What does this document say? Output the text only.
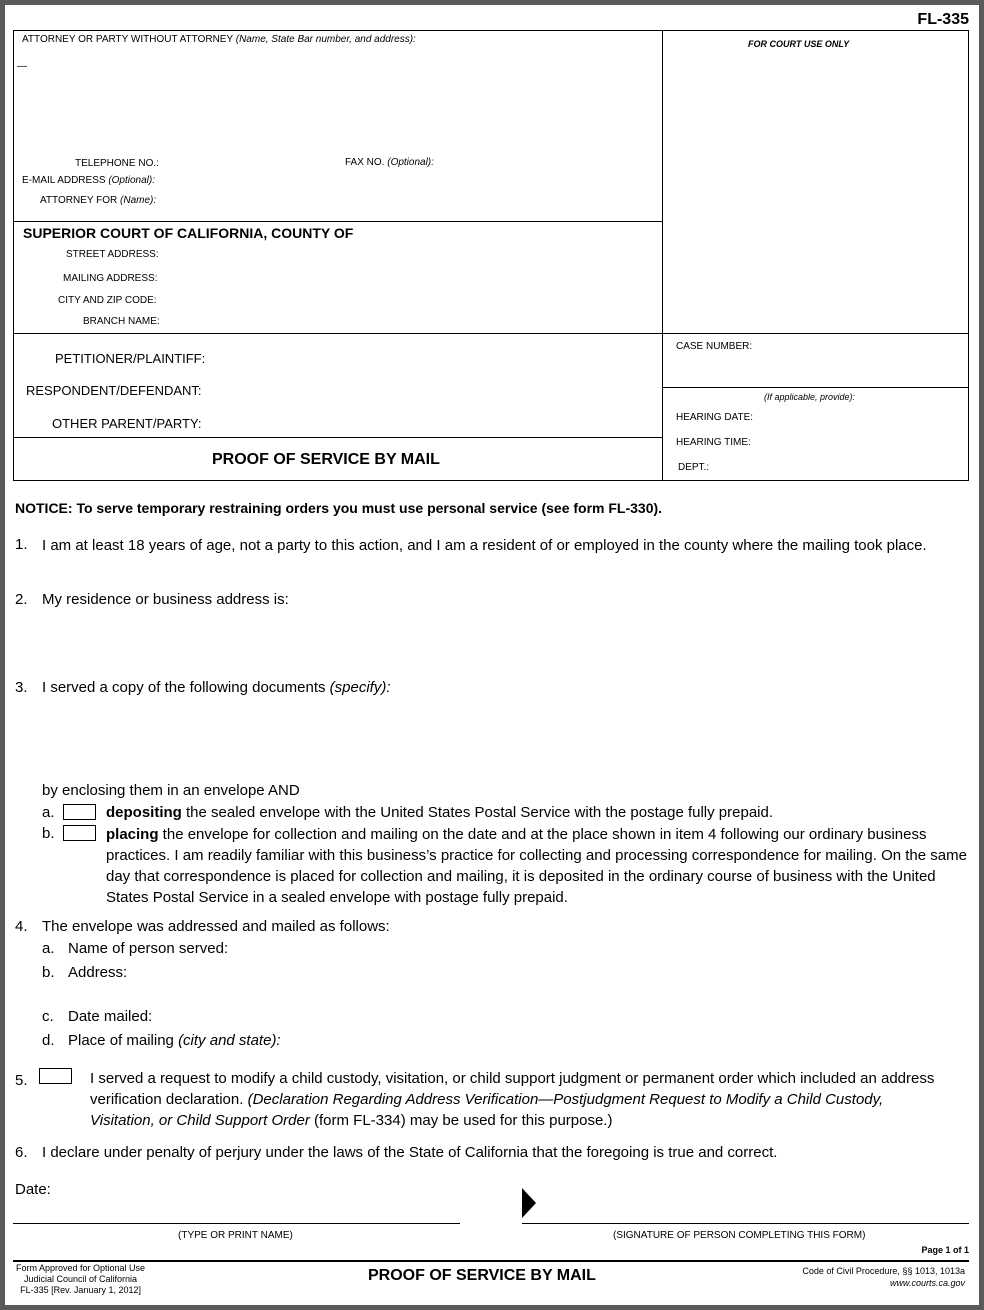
FL-335
ATTORNEY OR PARTY WITHOUT ATTORNEY (Name, State Bar number, and address):
—
TELEPHONE NO.:	FAX NO. (Optional):
E-MAIL ADDRESS (Optional):
ATTORNEY FOR (Name):
FOR COURT USE ONLY
SUPERIOR COURT OF CALIFORNIA, COUNTY OF
STREET ADDRESS:
MAILING ADDRESS:
CITY AND ZIP CODE:
BRANCH NAME:
PETITIONER/PLAINTIFF:
RESPONDENT/DEFENDANT:
OTHER PARENT/PARTY:
CASE NUMBER:
(If applicable, provide):
HEARING DATE:
HEARING TIME:
DEPT.:
PROOF OF SERVICE BY MAIL
NOTICE: To serve temporary restraining orders you must use personal service (see form FL-330).
1. I am at least 18 years of age, not a party to this action, and I am a resident of or employed in the county where the mailing took place.
2. My residence or business address is:
3. I served a copy of the following documents (specify):
by enclosing them in an envelope AND
a.	depositing the sealed envelope with the United States Postal Service with the postage fully prepaid.
b.	placing the envelope for collection and mailing on the date and at the place shown in item 4 following our ordinary business practices. I am readily familiar with this business’s practice for collecting and processing correspondence for mailing. On the same day that correspondence is placed for collection and mailing, it is deposited in the ordinary course of business with the United States Postal Service in a sealed envelope with postage fully prepaid.
4. The envelope was addressed and mailed as follows:
a. Name of person served:
b. Address:
c. Date mailed:
d. Place of mailing (city and state):
5.	I served a request to modify a child custody, visitation, or child support judgment or permanent order which included an address verification declaration. (Declaration Regarding Address Verification—Postjudgment Request to Modify a Child Custody, Visitation, or Child Support Order (form FL-334) may be used for this purpose.)
6. I declare under penalty of perjury under the laws of the State of California that the foregoing is true and correct.
Date:
(TYPE OR PRINT NAME)	(SIGNATURE OF PERSON COMPLETING THIS FORM)
Page 1 of 1
Form Approved for Optional Use
Judicial Council of California
FL-335 [Rev. January 1, 2012]
PROOF OF SERVICE BY MAIL	Code of Civil Procedure, §§ 1013, 1013a
www.courts.ca.gov
